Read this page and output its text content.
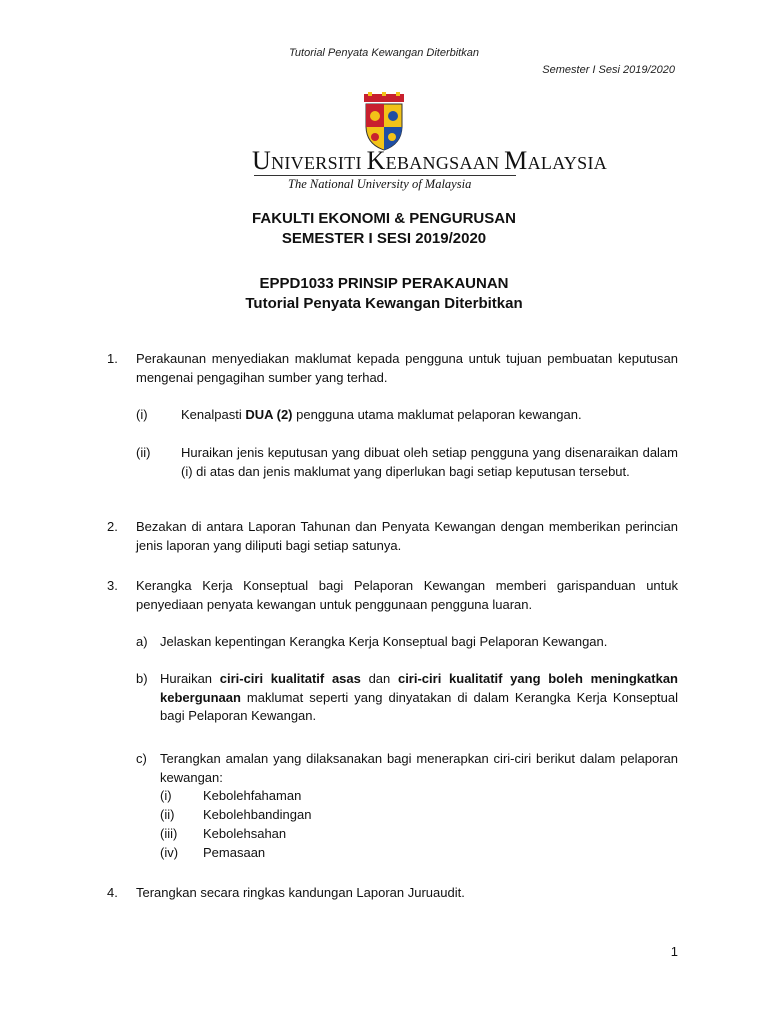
Tutorial Penyata Kewangan Diterbitkan
Semester I Sesi 2019/2020
UNIVERSITI KEBANGSAAN MALAYSIA
The National University of Malaysia
FAKULTI EKONOMI & PENGURUSAN
SEMESTER I SESI 2019/2020
EPPD1033 PRINSIP PERAKAUNAN
Tutorial Penyata Kewangan Diterbitkan
1. Perakaunan menyediakan maklumat kepada pengguna untuk tujuan pembuatan keputusan mengenai pengagihan sumber yang terhad.
(i)	Kenalpasti DUA (2) pengguna utama maklumat pelaporan kewangan.
(ii) Huraikan jenis keputusan yang dibuat oleh setiap pengguna yang disenaraikan dalam (i) di atas dan jenis maklumat yang diperlukan bagi setiap keputusan tersebut.
2. Bezakan di antara Laporan Tahunan dan Penyata Kewangan dengan memberikan perincian jenis laporan yang diliputi bagi setiap satunya.
3. Kerangka Kerja Konseptual bagi Pelaporan Kewangan memberi garispanduan untuk penyediaan penyata kewangan untuk penggunaan pengguna luaran.
a) Jelaskan kepentingan Kerangka Kerja Konseptual bagi Pelaporan Kewangan.
b) Huraikan ciri-ciri kualitatif asas dan ciri-ciri kualitatif yang boleh meningkatkan kebergunaan maklumat seperti yang dinyatakan di dalam Kerangka Kerja Konseptual bagi Pelaporan Kewangan.
c) Terangkan amalan yang dilaksanakan bagi menerapkan ciri-ciri berikut dalam pelaporan kewangan:
(i) Kebolehfahaman
(ii) Kebolehbandingan
(iii) Kebolehsahan
(iv) Pemasaan
4. Terangkan secara ringkas kandungan Laporan Juruaudit.
1
